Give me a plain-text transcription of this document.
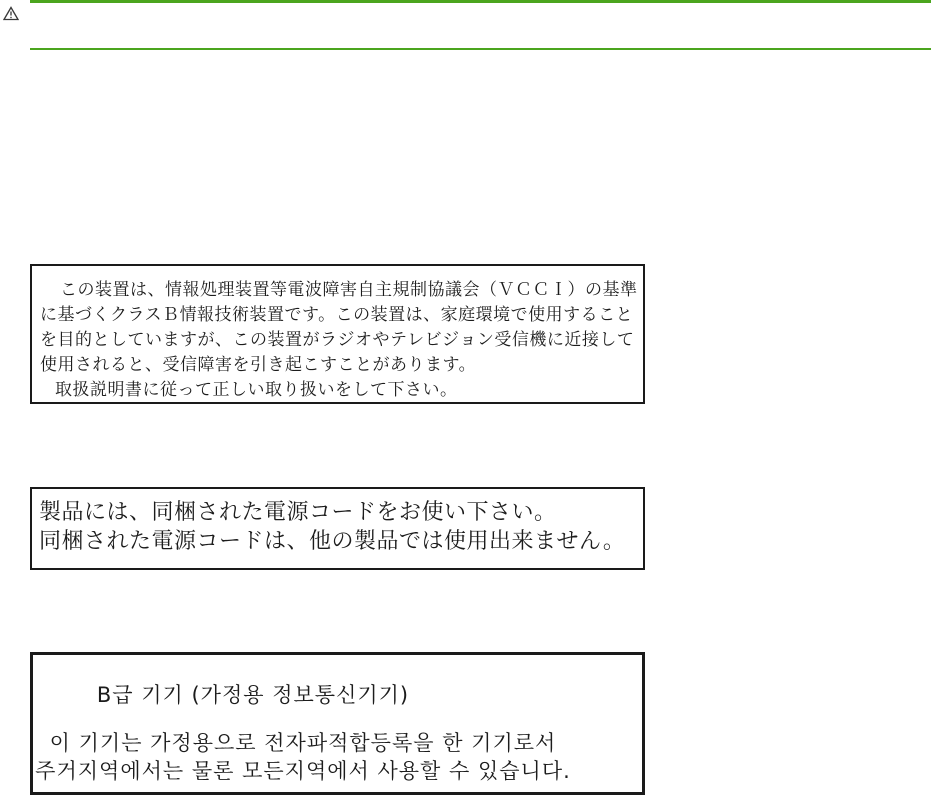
この装置は、情報処理装置等電波障害自主規制協議会（ＶＣＣＩ）の基準
に基づくクラスＢ情報技術装置です。この装置は、家庭環境で使用すること
を目的としていますが、この装置がラジオやテレビジョン受信機に近接して
使用されると、受信障害を引き起こすことがあります。
取扱説明書に従って正しい取り扱いをして下さい。
製品には、同梱された電源コードをお使い下さい。
同梱された電源コードは、他の製品では使用出来ません。
B급 기기 (가정용 정보통신기기)
이 기기는 가정용으로 전자파적합등록을 한 기기로서
주거지역에서는 물론 모든지역에서 사용할 수 있습니다.
